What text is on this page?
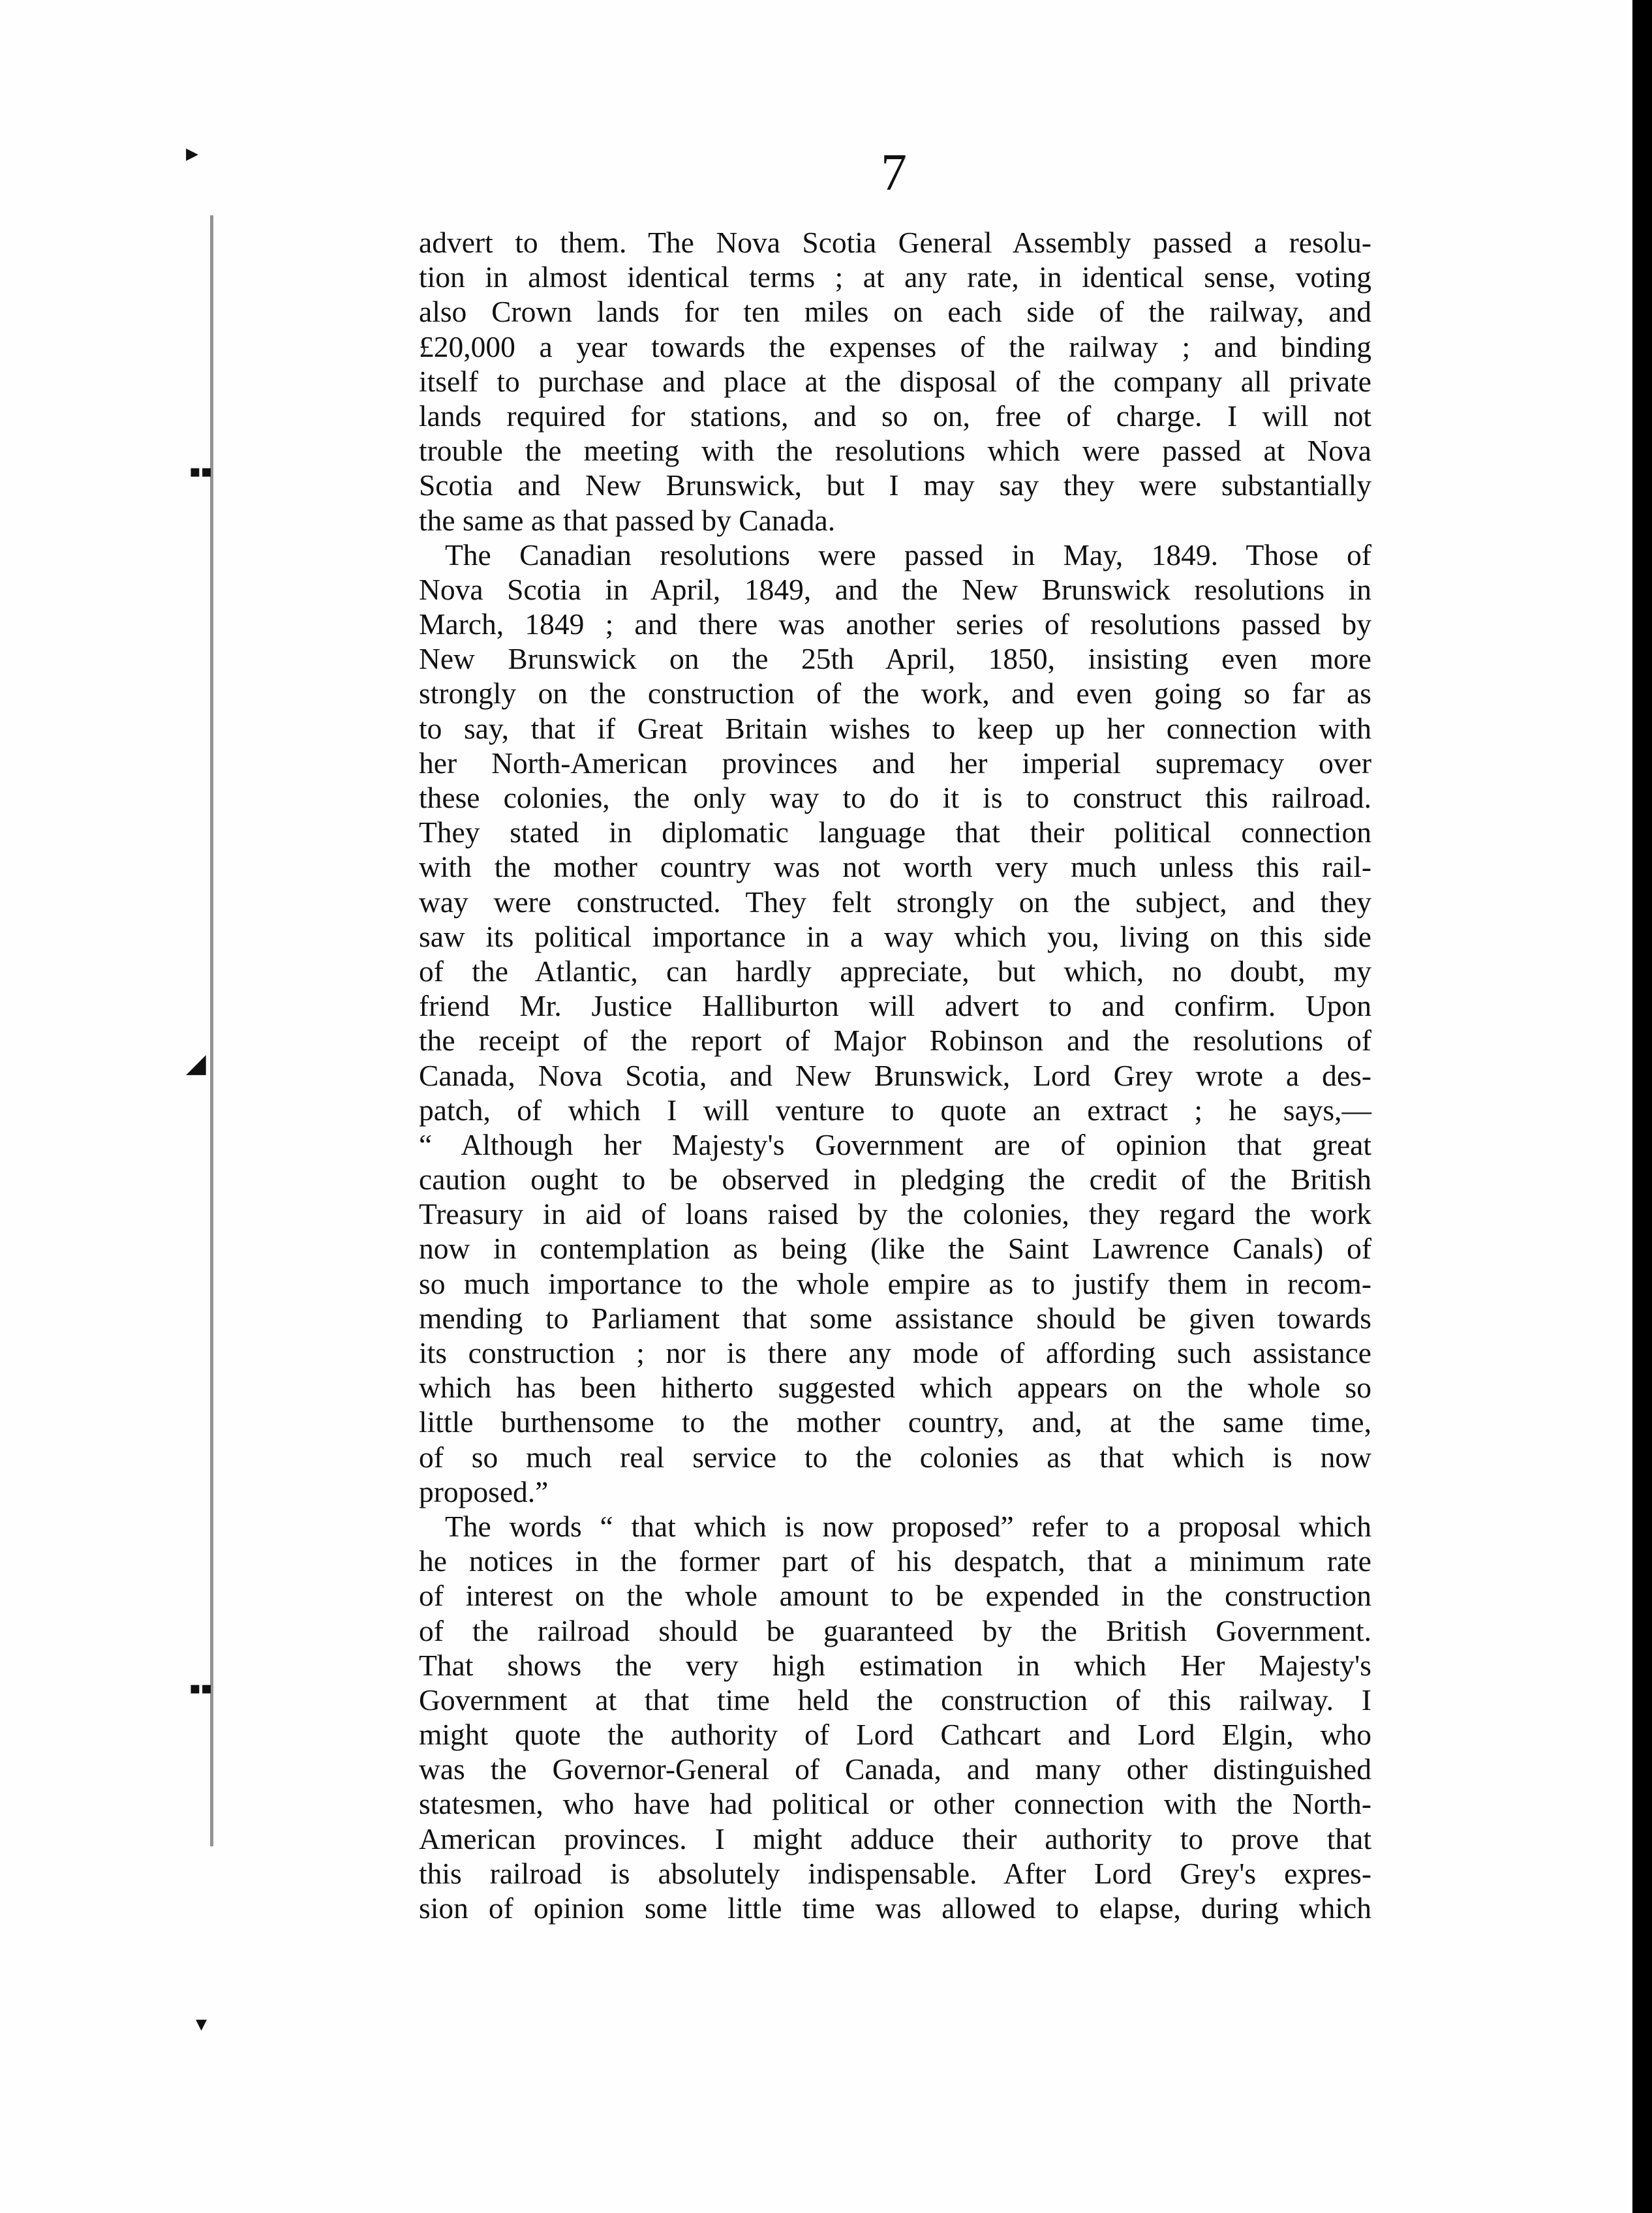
▸
▪▪
◢
▪▪
▾
7
advert to them. The Nova Scotia General Assembly passed a resolu-
tion in almost identical terms ; at any rate, in identical sense, voting
also Crown lands for ten miles on each side of the railway, and
£20,000 a year towards the expenses of the railway ; and binding
itself to purchase and place at the disposal of the company all private
lands required for stations, and so on, free of charge. I will not
trouble the meeting with the resolutions which were passed at Nova
Scotia and New Brunswick, but I may say they were substantially
the same as that passed by Canada.
The Canadian resolutions were passed in May, 1849. Those of
Nova Scotia in April, 1849, and the New Brunswick resolutions in
March, 1849 ; and there was another series of resolutions passed by
New Brunswick on the 25th April, 1850, insisting even more
strongly on the construction of the work, and even going so far as
to say, that if Great Britain wishes to keep up her connection with
her North-American provinces and her imperial supremacy over
these colonies, the only way to do it is to construct this railroad.
They stated in diplomatic language that their political connection
with the mother country was not worth very much unless this rail-
way were constructed. They felt strongly on the subject, and they
saw its political importance in a way which you, living on this side
of the Atlantic, can hardly appreciate, but which, no doubt, my
friend Mr. Justice Halliburton will advert to and confirm. Upon
the receipt of the report of Major Robinson and the resolutions of
Canada, Nova Scotia, and New Brunswick, Lord Grey wrote a des-
patch, of which I will venture to quote an extract ; he says,—
“ Although her Majesty's Government are of opinion that great
caution ought to be observed in pledging the credit of the British
Treasury in aid of loans raised by the colonies, they regard the work
now in contemplation as being (like the Saint Lawrence Canals) of
so much importance to the whole empire as to justify them in recom-
mending to Parliament that some assistance should be given towards
its construction ; nor is there any mode of affording such assistance
which has been hitherto suggested which appears on the whole so
little burthensome to the mother country, and, at the same time,
of so much real service to the colonies as that which is now
proposed.”
The words “ that which is now proposed” refer to a proposal which
he notices in the former part of his despatch, that a minimum rate
of interest on the whole amount to be expended in the construction
of the railroad should be guaranteed by the British Government.
That shows the very high estimation in which Her Majesty's
Government at that time held the construction of this railway. I
might quote the authority of Lord Cathcart and Lord Elgin, who
was the Governor-General of Canada, and many other distinguished
statesmen, who have had political or other connection with the North-
American provinces. I might adduce their authority to prove that
this railroad is absolutely indispensable. After Lord Grey's expres-
sion of opinion some little time was allowed to elapse, during which
